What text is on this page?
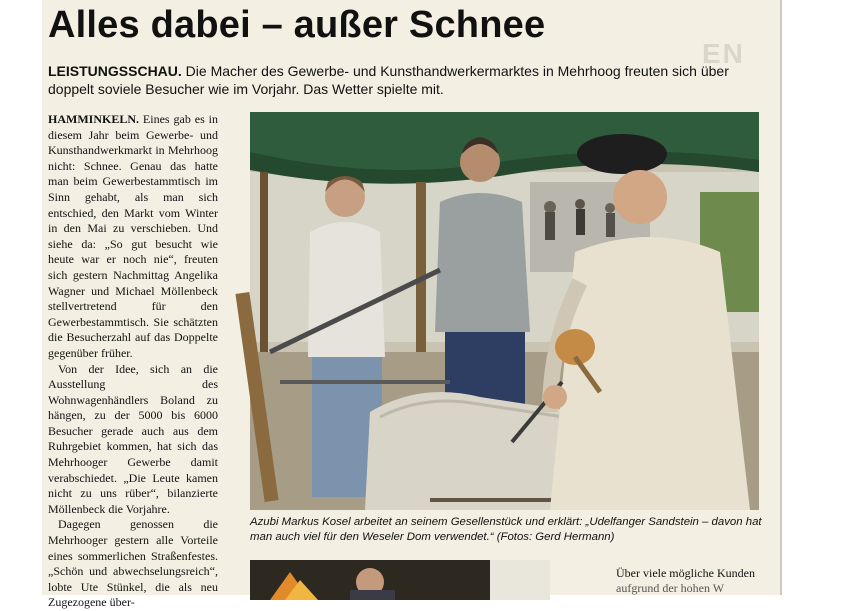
Alles dabei – außer Schnee
EN
LEISTUNGSSCHAU. Die Macher des Gewerbe- und Kunsthandwerkermarktes in Mehrhoog freuten sich über doppelt soviele Besucher wie im Vorjahr. Das Wetter spielte mit.

HAMMINKELN. Eines gab es in diesem Jahr beim Gewerbe- und Kunsthandwerkmarkt in Mehrhoog nicht: Schnee. Genau das hatte man beim Gewerbestammtisch im Sinn gehabt, als man sich entschied, den Markt vom Winter in den Mai zu verschieben. Und siehe da: „So gut besucht wie heute war er noch nie“, freuten sich gestern Nachmittag Angelika Wagner und Michael Möllenbeck stellvertretend für den Gewerbestammtisch. Sie schätzten die Besucherzahl auf das Doppelte gegenüber früher.

Von der Idee, sich an die Ausstellung des Wohnwagenhändlers Boland zu hängen, zu der 5000 bis 6000 Besucher gerade auch aus dem Ruhrgebiet kommen, hat sich das Mehrhooger Gewerbe damit verabschiedet. „Die Leute kamen nicht zu uns rüber“, bilanzierte Möllenbeck die Vorjahre.

Dagegen genossen die Mehrhooger gestern alle Vorteile eines sommerlichen Straßenfestes. „Schön und abwechselungsreich“, lobte Ute Stünkel, die als neu Zugezogene über-

Azubi Markus Kosel arbeitet an seinem Gesellenstück und erklärt: „Udelfanger Sandstein – davon hat man auch viel für den Weseler Dom verwendet.“ (Fotos: Gerd Hermann)
Über viele mögliche Kunden
aufgrund der hohen W
